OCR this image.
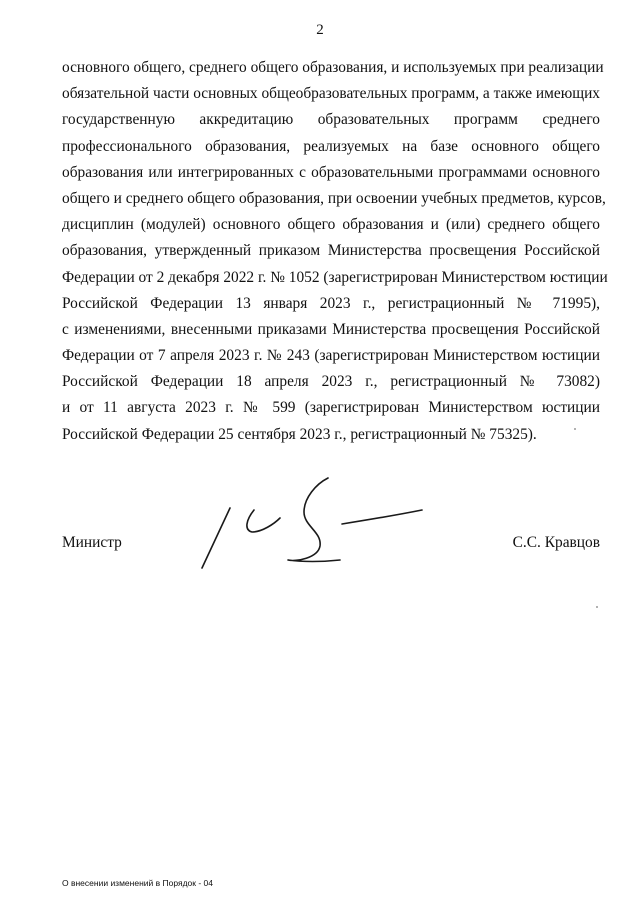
2
основного общего, среднего общего образования, и используемых при реализации
обязательной части основных общеобразовательных программ, а также имеющих
государственную аккредитацию образовательных программ среднего
профессионального образования, реализуемых на базе основного общего
образования или интегрированных с образовательными программами основного
общего и среднего общего образования, при освоении учебных предметов, курсов,
дисциплин (модулей) основного общего образования и (или) среднего общего
образования, утвержденный приказом Министерства просвещения Российской
Федерации от 2 декабря 2022 г. № 1052 (зарегистрирован Министерством юстиции
Российской Федерации 13 января 2023 г., регистрационный № 71995),
с изменениями, внесенными приказами Министерства просвещения Российской
Федерации от 7 апреля 2023 г. № 243 (зарегистрирован Министерством юстиции
Российской Федерации 18 апреля 2023 г., регистрационный № 73082)
и от 11 августа 2023 г. № 599 (зарегистрирован Министерством юстиции
Российской Федерации 25 сентября 2023 г., регистрационный № 75325).
Министр	С.С. Кравцов
О внесении изменений в Порядок - 04
